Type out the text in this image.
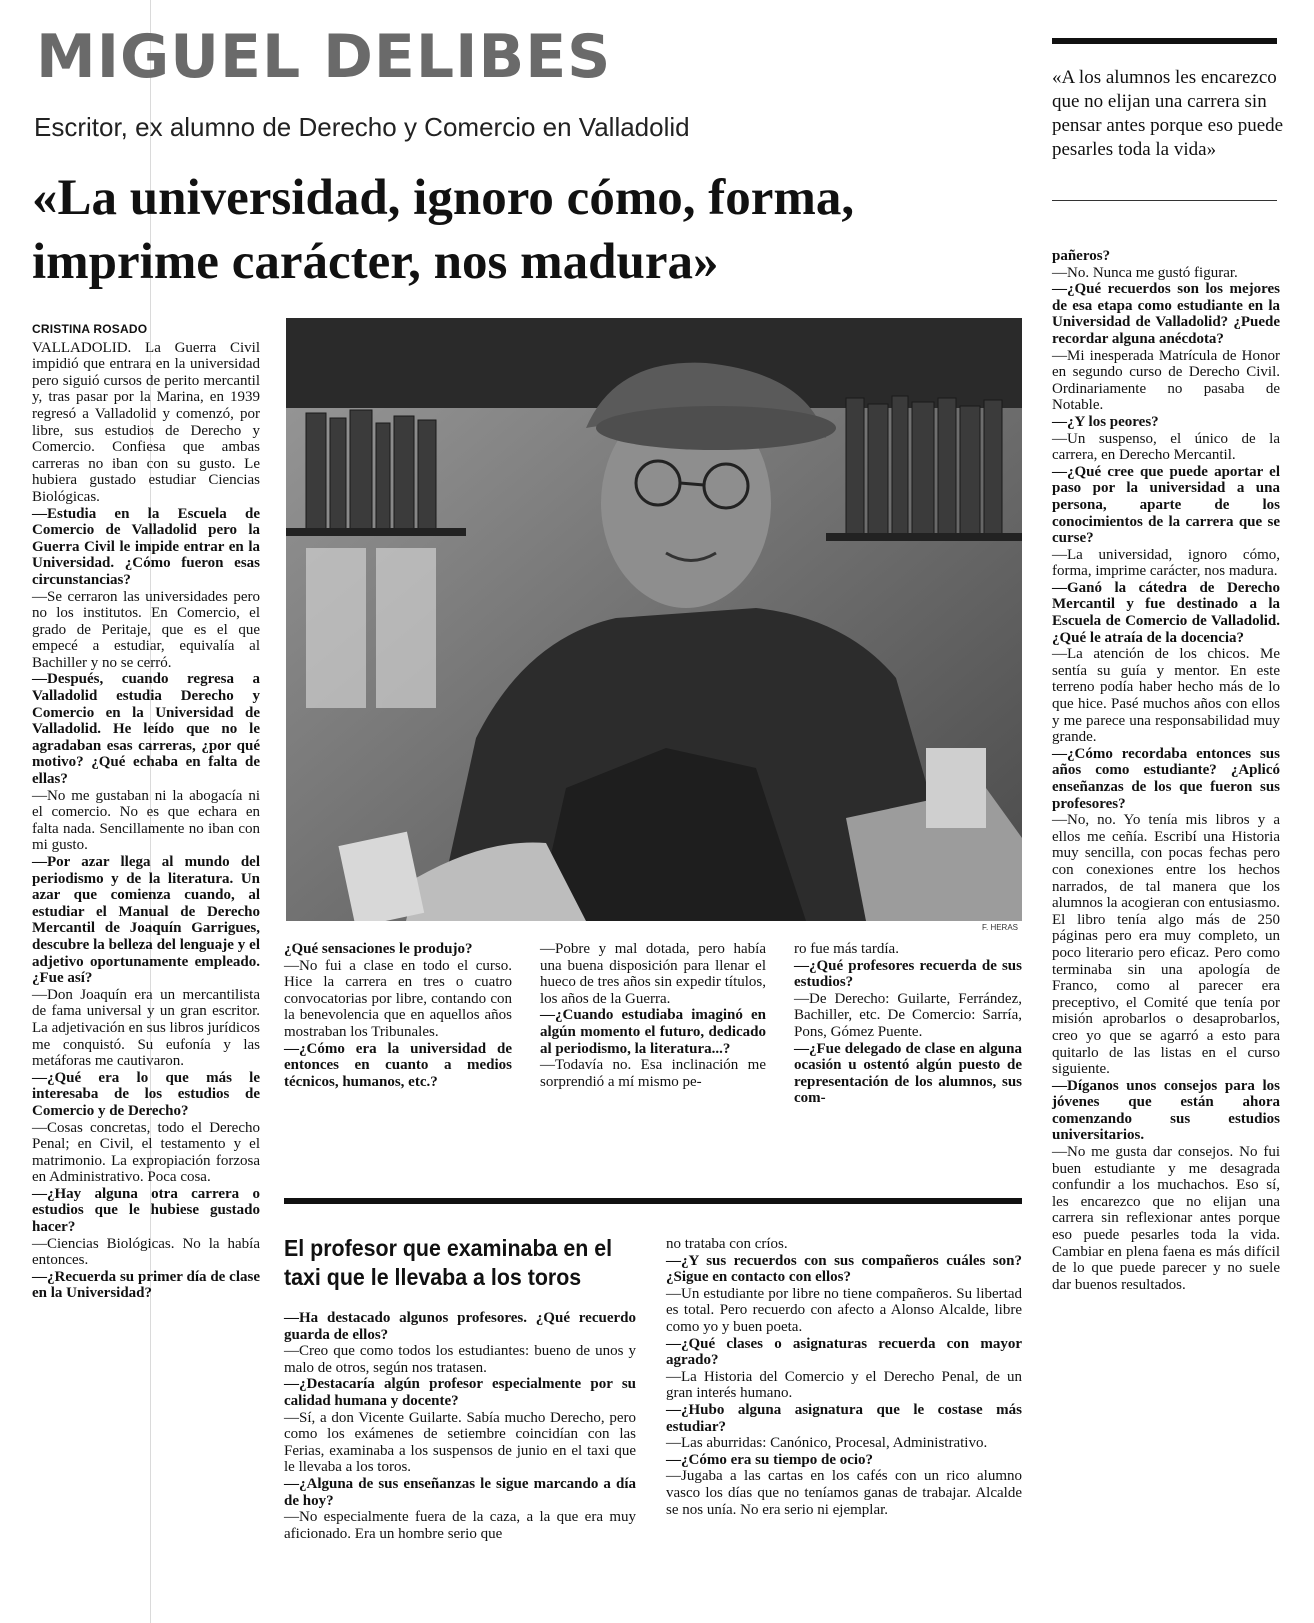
MIGUEL DELIBES

Escritor, ex alumno de Derecho y Comercio en Valladolid

«La universidad, ignoro cómo, forma, imprime carácter, nos madura»

«A los alumnos les encarezco que no elijan una carrera sin pensar antes porque eso puede pesarles toda la vida»

F. HERAS
CRISTINA ROSADO

VALLADOLID. La Guerra Civil impidió que entrara en la universidad pero siguió cursos de perito mercantil y, tras pasar por la Marina, en 1939 regresó a Valladolid y comenzó, por libre, sus estudios de Derecho y Comercio. Confiesa que ambas carreras no iban con su gusto. Le hubiera gustado estudiar Ciencias Biológicas.

—Estudia en la Escuela de Comercio de Valladolid pero la Guerra Civil le impide entrar en la Universidad. ¿Cómo fueron esas circunstancias?

—Se cerraron las universidades pero no los institutos. En Comercio, el grado de Peritaje, que es el que empecé a estudiar, equivalía al Bachiller y no se cerró.

—Después, cuando regresa a Valladolid estudia Derecho y Comercio en la Universidad de Valladolid. He leído que no le agradaban esas carreras, ¿por qué motivo? ¿Qué echaba en falta de ellas?

—No me gustaban ni la abogacía ni el comercio. No es que echara en falta nada. Sencillamente no iban con mi gusto.

—Por azar llega al mundo del periodismo y de la literatura. Un azar que comienza cuando, al estudiar el Manual de Derecho Mercantil de Joaquín Garrigues, descubre la belleza del lenguaje y el adjetivo oportunamente empleado. ¿Fue así?

—Don Joaquín era un mercantilista de fama universal y un gran escritor. La adjetivación en sus libros jurídicos me conquistó. Su eufonía y las metáforas me cautivaron.

—¿Qué era lo que más le interesaba de los estudios de Comercio y de Derecho?

—Cosas concretas, todo el Derecho Penal; en Civil, el testamento y el matrimonio. La expropiación forzosa en Administrativo. Poca cosa.

—¿Hay alguna otra carrera o estudios que le hubiese gustado hacer?

—Ciencias Biológicas. No la había entonces.

—¿Recuerda su primer día de clase en la Universidad?

¿Qué sensaciones le produjo?

—No fui a clase en todo el curso. Hice la carrera en tres o cuatro convocatorias por libre, contando con la benevolencia que en aquellos años mostraban los Tribunales.

—¿Cómo era la universidad de entonces en cuanto a medios técnicos, humanos, etc.?

—Pobre y mal dotada, pero había una buena disposición para llenar el hueco de tres años sin expedir títulos, los años de la Guerra.

—¿Cuando estudiaba imaginó en algún momento el futuro, dedicado al periodismo, la literatura...?

—Todavía no. Esa inclinación me sorprendió a mí mismo pe-

ro fue más tardía.

—¿Qué profesores recuerda de sus estudios?

—De Derecho: Guilarte, Ferrández, Bachiller, etc. De Comercio: Sarría, Pons, Gómez Puente.

—¿Fue delegado de clase en alguna ocasión u ostentó algún puesto de representación de los alumnos, sus com-

pañeros?

—No. Nunca me gustó figurar.

—¿Qué recuerdos son los mejores de esa etapa como estudiante en la Universidad de Valladolid? ¿Puede recordar alguna anécdota?

—Mi inesperada Matrícula de Honor en segundo curso de Derecho Civil. Ordinariamente no pasaba de Notable.

—¿Y los peores?

—Un suspenso, el único de la carrera, en Derecho Mercantil.

—¿Qué cree que puede aportar el paso por la universidad a una persona, aparte de los conocimientos de la carrera que se curse?

—La universidad, ignoro cómo, forma, imprime carácter, nos madura.

—Ganó la cátedra de Derecho Mercantil y fue destinado a la Escuela de Comercio de Valladolid. ¿Qué le atraía de la docencia?

—La atención de los chicos. Me sentía su guía y mentor. En este terreno podía haber hecho más de lo que hice. Pasé muchos años con ellos y me parece una responsabilidad muy grande.

—¿Cómo recordaba entonces sus años como estudiante? ¿Aplicó enseñanzas de los que fueron sus profesores?

—No, no. Yo tenía mis libros y a ellos me ceñía. Escribí una Historia muy sencilla, con pocas fechas pero con conexiones entre los hechos narrados, de tal manera que los alumnos la acogieran con entusiasmo. El libro tenía algo más de 250 páginas pero era muy completo, un poco literario pero eficaz. Pero como terminaba sin una apología de Franco, como al parecer era preceptivo, el Comité que tenía por misión aprobarlos o desaprobarlos, creo yo que se agarró a esto para quitarlo de las listas en el curso siguiente.

—Díganos unos consejos para los jóvenes que están ahora comenzando sus estudios universitarios.

—No me gusta dar consejos. No fui buen estudiante y me desagrada confundir a los muchachos. Eso sí, les encarezco que no elijan una carrera sin reflexionar antes porque eso puede pesarles toda la vida. Cambiar en plena faena es más difícil de lo que puede parecer y no suele dar buenos resultados.

El profesor que examinaba en el taxi que le llevaba a los toros

—Ha destacado algunos profesores. ¿Qué recuerdo guarda de ellos?

—Creo que como todos los estudiantes: bueno de unos y malo de otros, según nos tratasen.

—¿Destacaría algún profesor especialmente por su calidad humana y docente?

—Sí, a don Vicente Guilarte. Sabía mucho Derecho, pero como los exámenes de setiembre coincidían con las Ferias, examinaba a los suspensos de junio en el taxi que le llevaba a los toros.

—¿Alguna de sus enseñanzas le sigue marcando a día de hoy?

—No especialmente fuera de la caza, a la que era muy aficionado. Era un hombre serio que

no trataba con críos.

—¿Y sus recuerdos con sus compañeros cuáles son? ¿Sigue en contacto con ellos?

—Un estudiante por libre no tiene compañeros. Su libertad es total. Pero recuerdo con afecto a Alonso Alcalde, libre como yo y buen poeta.

—¿Qué clases o asignaturas recuerda con mayor agrado?

—La Historia del Comercio y el Derecho Penal, de un gran interés humano.

—¿Hubo alguna asignatura que le costase más estudiar?

—Las aburridas: Canónico, Procesal, Administrativo.

—¿Cómo era su tiempo de ocio?

—Jugaba a las cartas en los cafés con un rico alumno vasco los días que no teníamos ganas de trabajar. Alcalde se nos unía. No era serio ni ejemplar.
